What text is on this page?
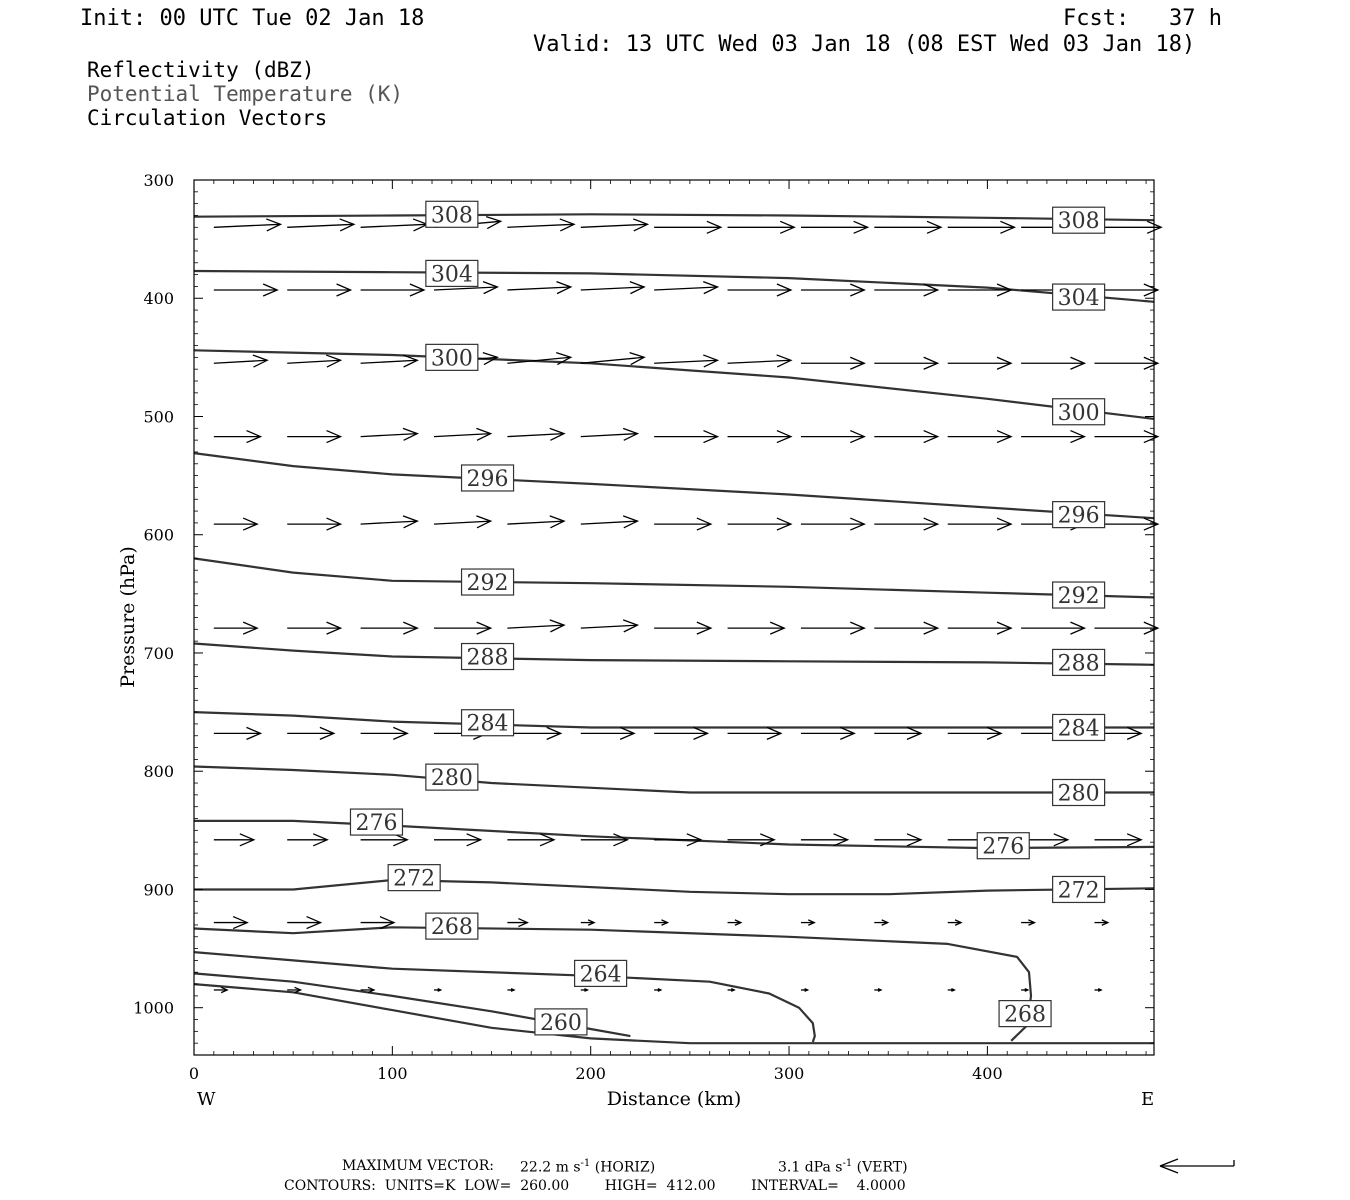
Init: 00 UTC Tue 02 Jan 18	Fcst:   37 h
Valid: 13 UTC Wed 03 Jan 18 (08 EST Wed 03 Jan 18)
Reflectivity (dBZ)
Potential Temperature (K)
Circulation Vectors
308	308
304
304
300
300
296
296
292
292
288	288
284	284
280
280
276
276
272	272
268
268
264
260
0	100	200	300	400
300
400
500
600
700
800
900
1000
Distance (km)
Pressure (hPa)
W	E
MAXIMUM VECTOR: 22.2 m $s^{-1}$ (HORIZ)	3.1 dPa $s^{-1}$ (VERT)
CONTOURS:  UNITS=K  LOW=  260.00        HIGH=  412.00        INTERVAL=    4.0000
